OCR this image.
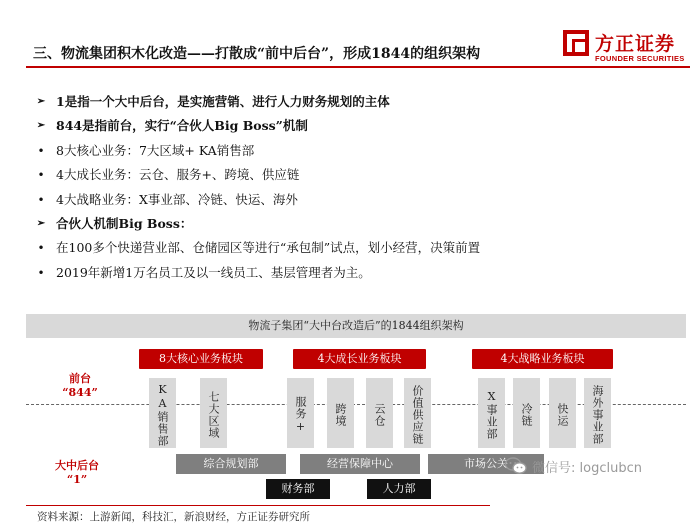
三、物流集团积木化改造——打散成“前中后台”，形成1844的组织架构	方正证券
FOUNDER SECURITIES
➢ 1是指一个大中后台，是实施营销、进行人力财务规划的主体
➢ 844是指前台，实行“合伙人Big Boss”机制
• 8大核心业务：7大区域+ KA销售部
• 4大成长业务：云仓、服务+、跨境、供应链
• 4大战略业务：X事业部、冷链、快运、海外
➢ 合伙人机制Big Boss：
• 在100多个快递营业部、仓储园区等进行“承包制”试点，划小经营，决策前置
• 2019年新增1万名员工及以一线员工、基层管理者为主。
物流子集团“大中台改造后”的1844组织架构
8大核心业务板块	4大成长业务板块	4大战略业务板块
前台
“844”	KA销售部	七大区域	服务+	跨境	云仓	价值供应链	X事业部	冷链	快运	海外事业部
大中后台
“1”
综合规划部	经营保障中心	市场公关
财务部	人力部
微信号: logclubcn
资料来源：上游新闻，科技汇，新浪财经，方正证券研究所
